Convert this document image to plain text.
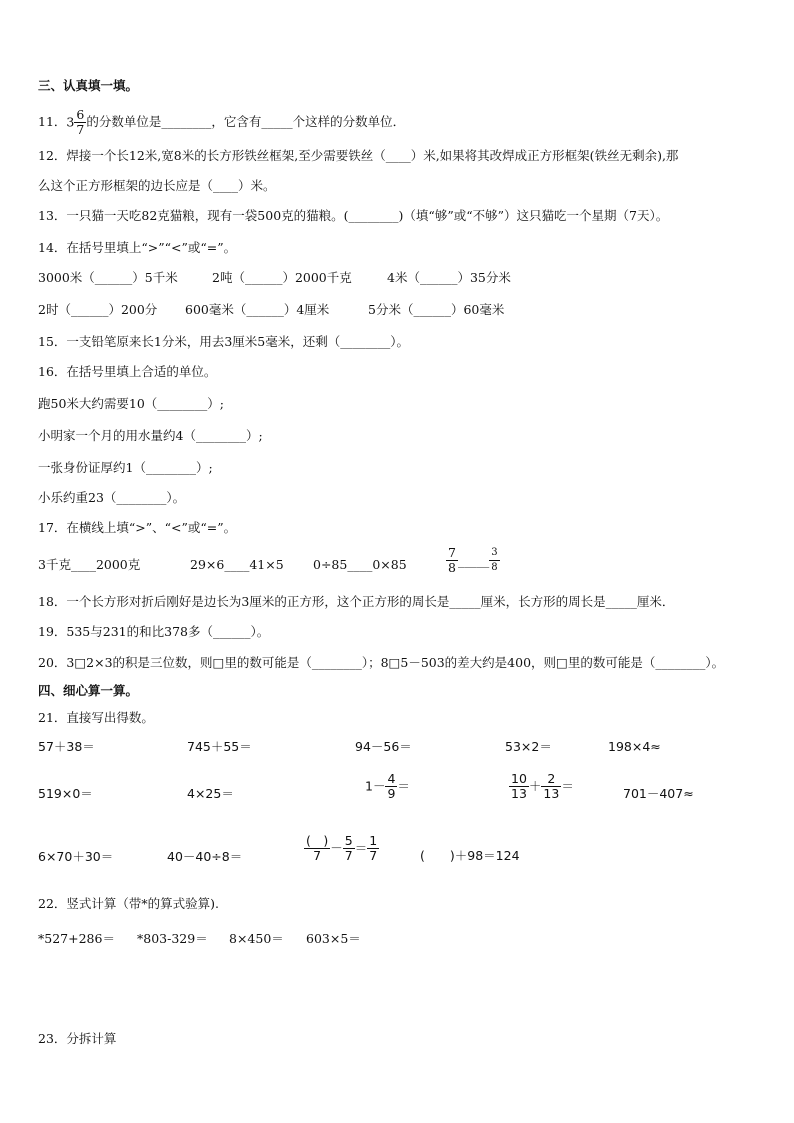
三、认真填一填。
11．$3 \frac{6}{7}$ 的分数单位是________，它含有_____个这样的分数单位．
12．焊接一个长12米,宽8米的长方形铁丝框架,至少需要铁丝（____）米,如果将其改焊成正方形框架(铁丝无剩余),那
么这个正方形框架的边长应是（____）米。
13．一只猫一天吃82克猫粮，现有一袋500克的猫粮。(________)（填“够”或“不够”）这只猫吃一个星期（7天）。
14．在括号里填上“>”“<”或“=”。
3000米（______）5千米	2吨（______）2000千克	4米（______）35分米
2时（______）200分 600毫米（______）4厘米	5分米（______）60毫米
15．一支铅笔原来长1分米，用去3厘米5毫米，还剩（________）。
16．在括号里填上合适的单位。
跑50米大约需要10（________）;
小明家一个月的用水量约4（________）;
一张身份证厚约1（________）;
小乐约重23（________）。
17．在横线上填“>”、“<”或“=”。
3千克____2000克	29×6____41×5 0÷85____0×85	$\frac{7}{8}$ _____ $\frac{3}{8}$
18．一个长方形对折后刚好是边长为3厘米的正方形，这个正方形的周长是_____厘米，长方形的周长是_____厘米．
19．535与231的和比378多（______）。
20．3□2×3的积是三位数，则□里的数可能是（________）；8□5－503的差大约是400，则□里的数可能是（________）。
四、细心算一算。
21．直接写出得数。
57＋38＝	745＋55＝	94－56＝	53×2＝	198×4≈
519×0＝	4×25＝	$1- \frac{4}{9}$ ＝	$\frac{10}{13} + \frac{2}{13}$ ＝	701－407≈
6×70＋30＝	40－40÷8＝	$\frac{( )}{7} - \frac{5}{7} = \frac{1}{7}$	(　　)＋98＝124
22．竖式计算（带*的算式验算).
*527+286＝ *803-329＝ 8×450＝ 603×5＝
23．分拆计算
